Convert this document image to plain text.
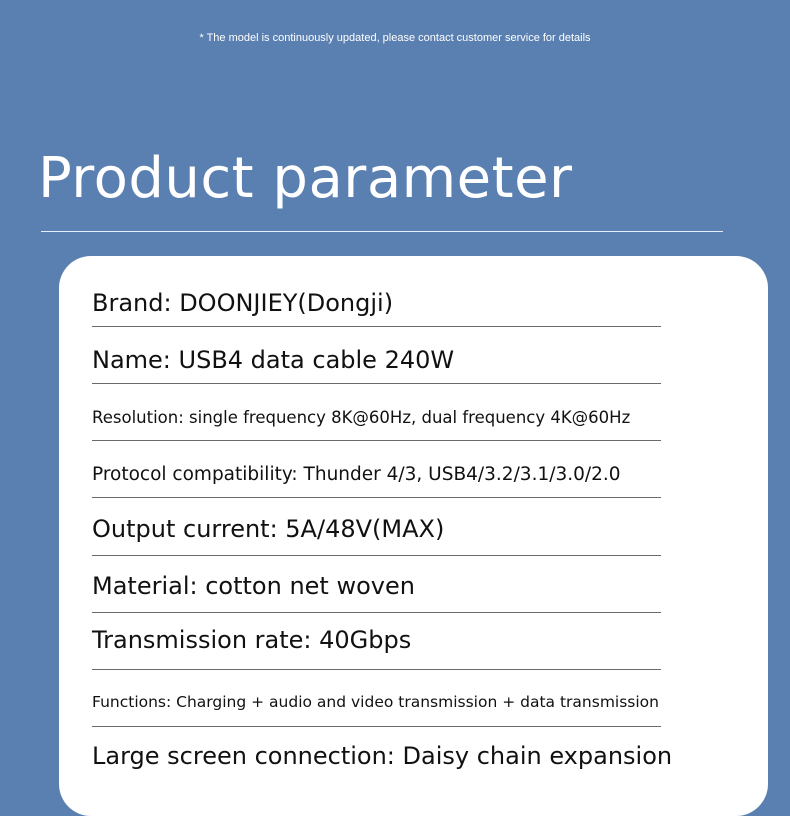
* The model is continuously updated, please contact customer service for details
Product parameter
Brand: DOONJIEY(Dongji)
Name: USB4 data cable 240W
Resolution: single frequency 8K@60Hz, dual frequency 4K@60Hz
Protocol compatibility: Thunder 4/3, USB4/3.2/3.1/3.0/2.0
Output current: 5A/48V(MAX)
Material: cotton net woven
Transmission rate: 40Gbps
Functions: Charging + audio and video transmission + data transmission
Large screen connection: Daisy chain expansion
